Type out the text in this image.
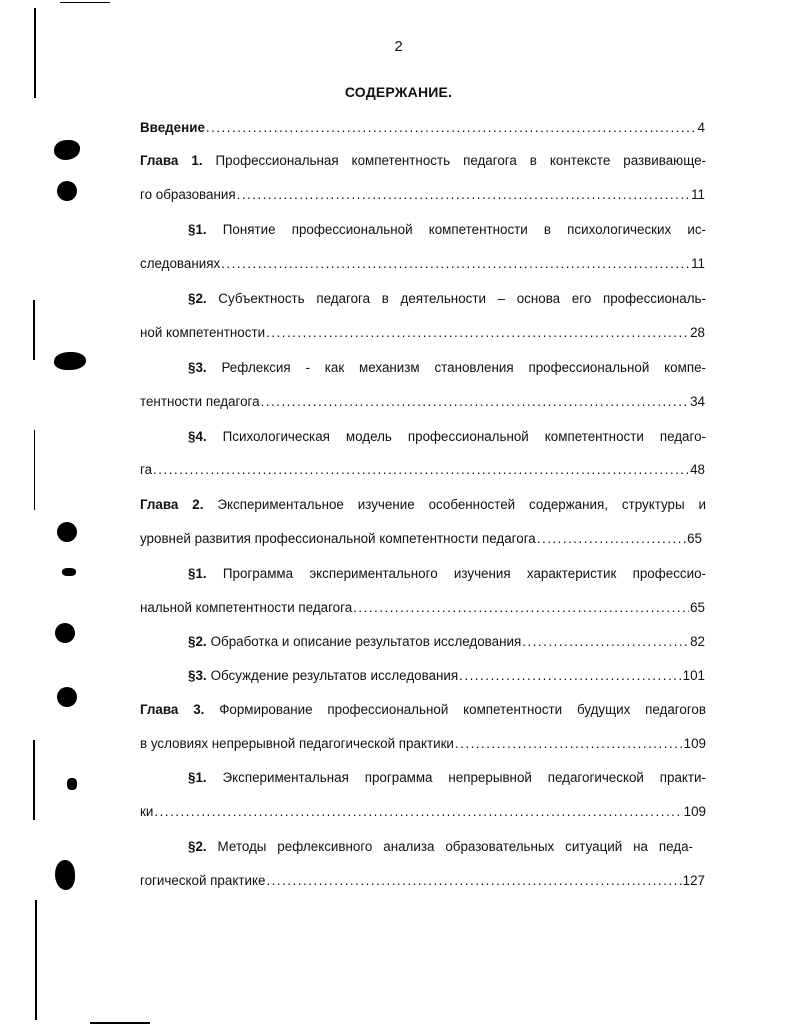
2
СОДЕРЖАНИЕ.
Введение .....	4
Глава 1. Профессиональная компетентность педагога в контексте развивающе-
го образования .....	11
§1. Понятие профессиональной компетентности в психологических ис-
следованиях .....	11
§2. Субъектность педагога в деятельности – основа его профессиональ-
ной компетентности .....	28
§3. Рефлексия - как механизм становления профессиональной компе-
тентности педагога .....	34
§4. Психологическая модель профессиональной компетентности педаго-
га .....	48
Глава 2. Экспериментальное изучение особенностей содержания, структуры и
уровней развития профессиональной компетентности педагога .....	65
§1. Программа экспериментального изучения характеристик профессио-
нальной компетентности педагога .....	65
§2. Обработка и описание результатов исследования .....	82
§3. Обсуждение результатов исследования .....	101
Глава 3. Формирование профессиональной компетентности будущих педагогов
в условиях непрерывной педагогической практики .....	109
§1. Экспериментальная программа непрерывной педагогической практи-
ки .....	109
§2. Методы рефлексивного анализа образовательных ситуаций на педа-
гогической практике .....	127
